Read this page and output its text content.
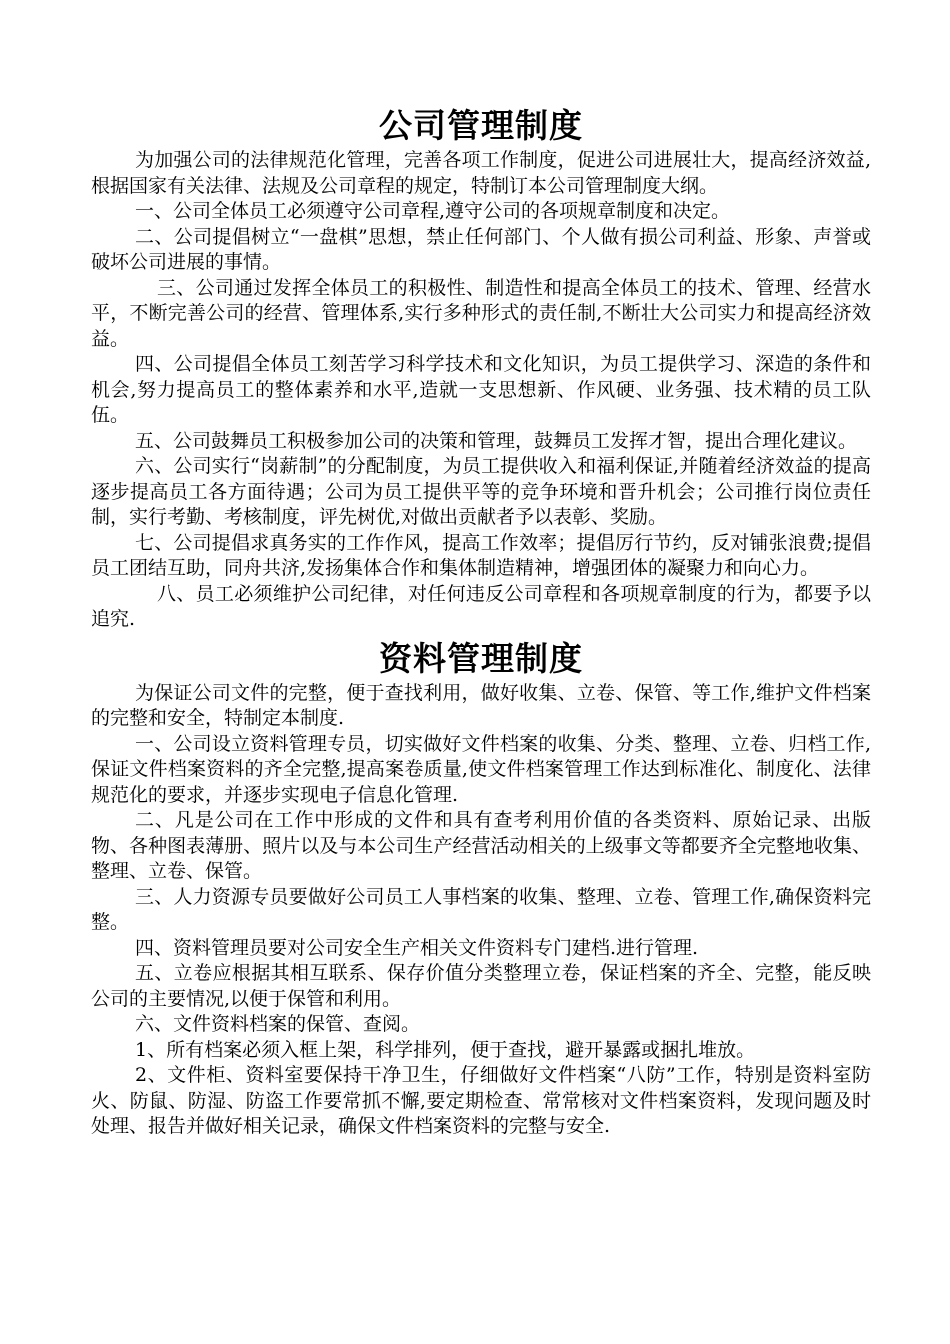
公司管理制度

为加强公司的法律规范化管理，完善各项工作制度，促进公司进展壮大，提高经济效益,根据国家有关法律、法规及公司章程的规定，特制订本公司管理制度大纲。

一、公司全体员工必须遵守公司章程,遵守公司的各项规章制度和决定。

二、公司提倡树立“一盘棋”思想，禁止任何部门、个人做有损公司利益、形象、声誉或破坏公司进展的事情。

三、公司通过发挥全体员工的积极性、制造性和提高全体员工的技术、管理、经营水平，不断完善公司的经营、管理体系,实行多种形式的责任制,不断壮大公司实力和提高经济效益。

四、公司提倡全体员工刻苦学习科学技术和文化知识，为员工提供学习、深造的条件和机会,努力提高员工的整体素养和水平,造就一支思想新、作风硬、业务强、技术精的员工队伍。

五、公司鼓舞员工积极参加公司的决策和管理，鼓舞员工发挥才智，提出合理化建议。

六、公司实行“岗薪制”的分配制度，为员工提供收入和福利保证,并随着经济效益的提高逐步提高员工各方面待遇；公司为员工提供平等的竞争环境和晋升机会；公司推行岗位责任制，实行考勤、考核制度，评先树优,对做出贡献者予以表彰、奖励。

七、公司提倡求真务实的工作作风，提高工作效率；提倡厉行节约，反对铺张浪费;提倡员工团结互助，同舟共济,发扬集体合作和集体制造精神，增强团体的凝聚力和向心力。

八、员工必须维护公司纪律，对任何违反公司章程和各项规章制度的行为，都要予以追究.

资料管理制度

为保证公司文件的完整，便于查找利用，做好收集、立卷、保管、等工作,维护文件档案的完整和安全，特制定本制度.

一、公司设立资料管理专员，切实做好文件档案的收集、分类、整理、立卷、归档工作,保证文件档案资料的齐全完整,提高案卷质量,使文件档案管理工作达到标准化、制度化、法律规范化的要求，并逐步实现电子信息化管理.

二、凡是公司在工作中形成的文件和具有查考利用价值的各类资料、原始记录、出版物、各种图表薄册、照片以及与本公司生产经营活动相关的上级事文等都要齐全完整地收集、整理、立卷、保管。

三、人力资源专员要做好公司员工人事档案的收集、整理、立卷、管理工作,确保资料完整。

四、资料管理员要对公司安全生产相关文件资料专门建档.进行管理.

五、立卷应根据其相互联系、保存价值分类整理立卷，保证档案的齐全、完整，能反映公司的主要情况,以便于保管和利用。

六、文件资料档案的保管、查阅。

1、所有档案必须入框上架，科学排列，便于查找，避开暴露或捆扎堆放。

2、文件柜、资料室要保持干净卫生，仔细做好文件档案“八防”工作，特别是资料室防火、防鼠、防湿、防盗工作要常抓不懈,要定期检查、常常核对文件档案资料，发现问题及时处理、报告并做好相关记录，确保文件档案资料的完整与安全.
